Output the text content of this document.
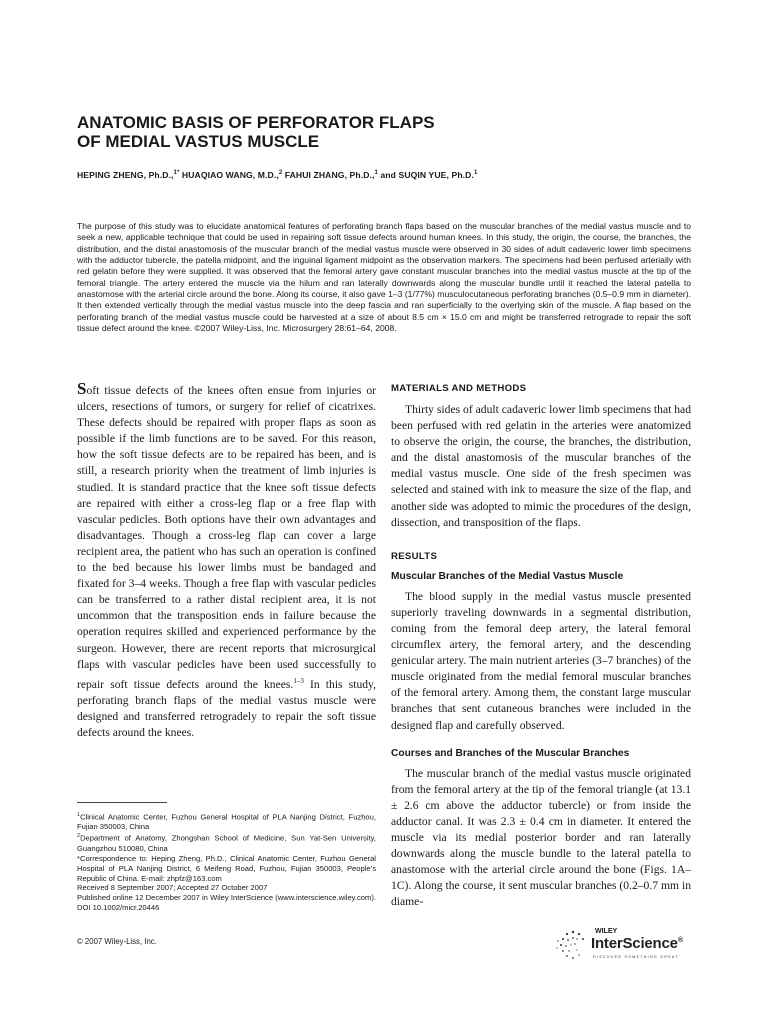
ANATOMIC BASIS OF PERFORATOR FLAPS
OF MEDIAL VASTUS MUSCLE
HEPING ZHENG, Ph.D.,$^{1*}$ HUAQIAO WANG, M.D.,$^2$ FAHUI ZHANG, Ph.D.,$^1$ and SUQIN YUE, Ph.D.$^1$

The purpose of this study was to elucidate anatomical features of perforating branch flaps based on the muscular branches of the medial vastus muscle and to seek a new, applicable technique that could be used in repairing soft tissue defects around human knees. In this study, the origin, the course, the branches, the distribution, and the distal anastomosis of the muscular branch of the medial vastus muscle were observed in 30 sides of adult cadaveric lower limb specimens with the adductor tubercle, the patella midpoint, and the inguinal ligament midpoint as the observation markers. The specimens had been perfused arterially with red gelatin before they were supplied. It was observed that the femoral artery gave constant muscular branches into the medial vastus muscle at the tip of the femoral triangle. The artery entered the muscle via the hilum and ran laterally downwards along the muscular bundle until it reached the lateral patella to anastomose with the arterial circle around the bone. Along its course, it also gave 1–3 (1/77%) musculocutaneous perforating branches (0.5–0.9 mm in diameter). It then extended vertically through the medial vastus muscle into the deep fascia and ran superficially to the overlying skin of the muscle. A flap based on the perforating branch of the medial vastus muscle could be harvested at a size of about 8.5 cm × 15.0 cm and might be transferred retrograde to repair the soft tissue defect around the knee. ©2007 Wiley-Liss, Inc. Microsurgery 28:61–64, 2008.

Soft tissue defects of the knees often ensue from injuries or ulcers, resections of tumors, or surgery for relief of cicatrixes. These defects should be repaired with proper flaps as soon as possible if the limb functions are to be saved. For this reason, how the soft tissue defects are to be repaired has been, and is still, a research priority when the treatment of limb injuries is studied. It is standard practice that the knee soft tissue defects are repaired with either a cross-leg flap or a free flap with vascular pedicles. Both options have their own advantages and disadvantages. Though a cross-leg flap can cover a large recipient area, the patient who has such an operation is confined to the bed because his lower limbs must be bandaged and fixated for 3–4 weeks. Though a free flap with vascular pedicles can be transferred to a rather distal recipient area, it is not uncommon that the transposition ends in failure because the operation requires skilled and experienced performance by the surgeon. However, there are recent reports that microsurgical flaps with vascular pedicles have been used successfully to repair soft tissue defects around the knees.$^{1-3}$ In this study, perforating branch flaps of the medial vastus muscle were designed and transferred retrogradely to repair the soft tissue defects around the knees.

$^1$Clinical Anatomic Center, Fuzhou General Hospital of PLA Nanjing District, Fuzhou, Fujian 350003, China

$^2$Department of Anatomy, Zhongshan School of Medicine, Sun Yat-Sen University, Guangzhou 510080, China

*Correspondence to: Heping Zheng, Ph.D., Clinical Anatomic Center, Fuzhou General Hospital of PLA Nanjing District, 6 Meifeng Road, Fuzhou, Fujian 350003, People’s Republic of China. E-mail: zhpfz@163.com

Received 8 September 2007; Accepted 27 October 2007

Published online 12 December 2007 in Wiley InterScience (www.interscience.wiley.com). DOI 10.1002/micr.20446

© 2007 Wiley-Liss, Inc.
MATERIALS AND METHODS

Thirty sides of adult cadaveric lower limb specimens that had been perfused with red gelatin in the arteries were anatomized to observe the origin, the course, the branches, the distribution, and the distal anastomosis of the muscular branches of the medial vastus muscle. One side of the fresh specimen was selected and stained with ink to measure the size of the flap, and another side was adopted to mimic the procedures of the design, dissection, and transposition of the flaps.

RESULTS
Muscular Branches of the Medial Vastus Muscle

The blood supply in the medial vastus muscle presented superiorly traveling downwards in a segmental distribution, coming from the femoral deep artery, the lateral femoral circumflex artery, the femoral artery, and the descending genicular artery. The main nutrient arteries (3–7 branches) of the muscle originated from the medial femoral muscular branches of the femoral artery. Among them, the constant large muscular branches that sent cutaneous branches were included in the designed flap and carefully observed.

Courses and Branches of the Muscular Branches

The muscular branch of the medial vastus muscle originated from the femoral artery at the tip of the femoral triangle (at 13.1 ± 2.6 cm above the adductor tubercle) or from inside the adductor canal. It was 2.3 ± 0.4 cm in diameter. It entered the muscle via its medial posterior border and ran laterally downwards along the muscle bundle to the lateral patella to anastomose with the arterial circle around the bone (Figs. 1A–1C). Along the course, it sent muscular branches (0.2–0.7 mm in diame-

WILEY
InterScience®
DISCOVER SOMETHING GREAT
